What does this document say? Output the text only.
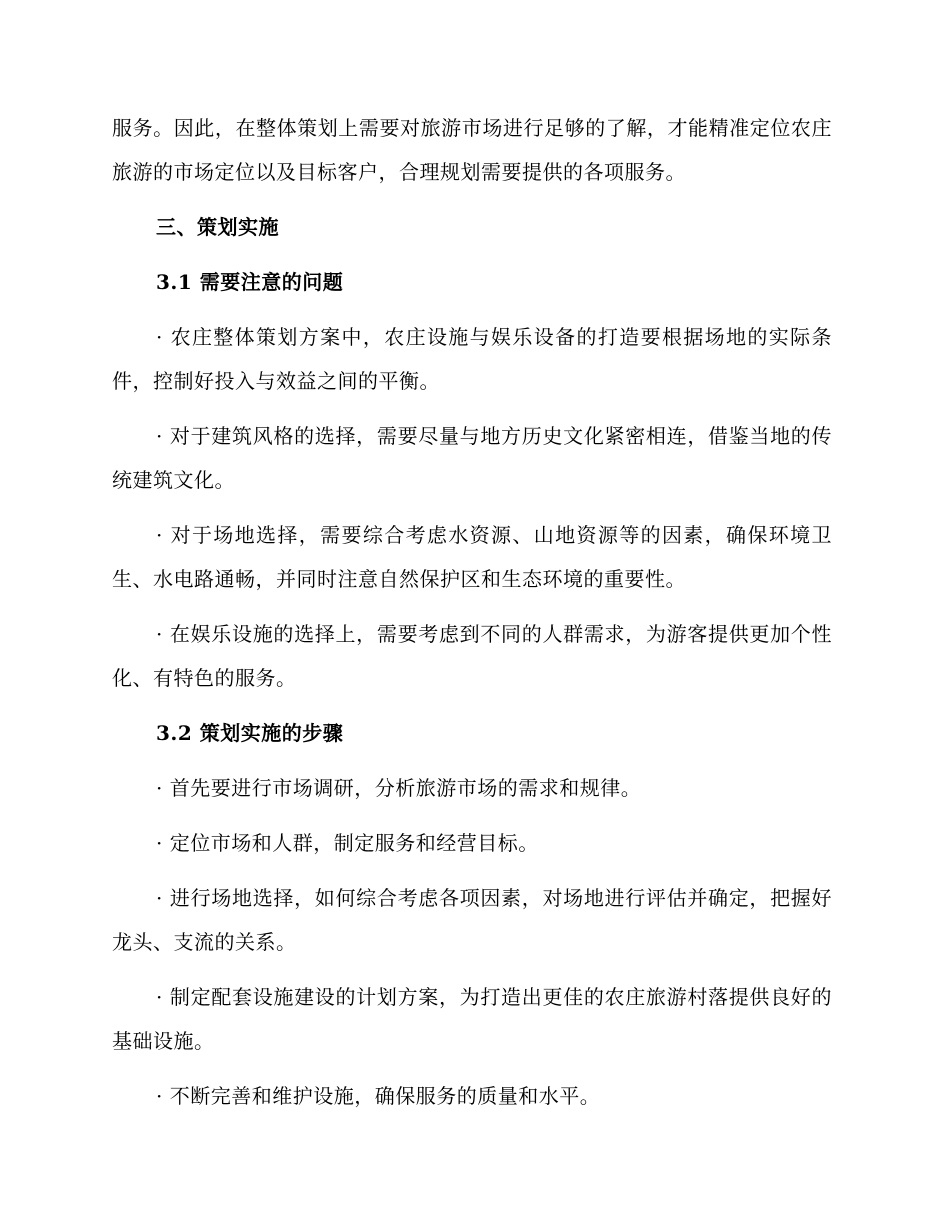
服务。因此，在整体策划上需要对旅游市场进行足够的了解，才能精准定位农庄旅游的市场定位以及目标客户，合理规划需要提供的各项服务。

三、策划实施

3.1 需要注意的问题

· 农庄整体策划方案中，农庄设施与娱乐设备的打造要根据场地的实际条件，控制好投入与效益之间的平衡。

· 对于建筑风格的选择，需要尽量与地方历史文化紧密相连，借鉴当地的传统建筑文化。

· 对于场地选择，需要综合考虑水资源、山地资源等的因素，确保环境卫生、水电路通畅，并同时注意自然保护区和生态环境的重要性。

· 在娱乐设施的选择上，需要考虑到不同的人群需求，为游客提供更加个性化、有特色的服务。

3.2 策划实施的步骤

· 首先要进行市场调研，分析旅游市场的需求和规律。

· 定位市场和人群，制定服务和经营目标。

· 进行场地选择，如何综合考虑各项因素，对场地进行评估并确定，把握好龙头、支流的关系。

· 制定配套设施建设的计划方案，为打造出更佳的农庄旅游村落提供良好的基础设施。

· 不断完善和维护设施，确保服务的质量和水平。
